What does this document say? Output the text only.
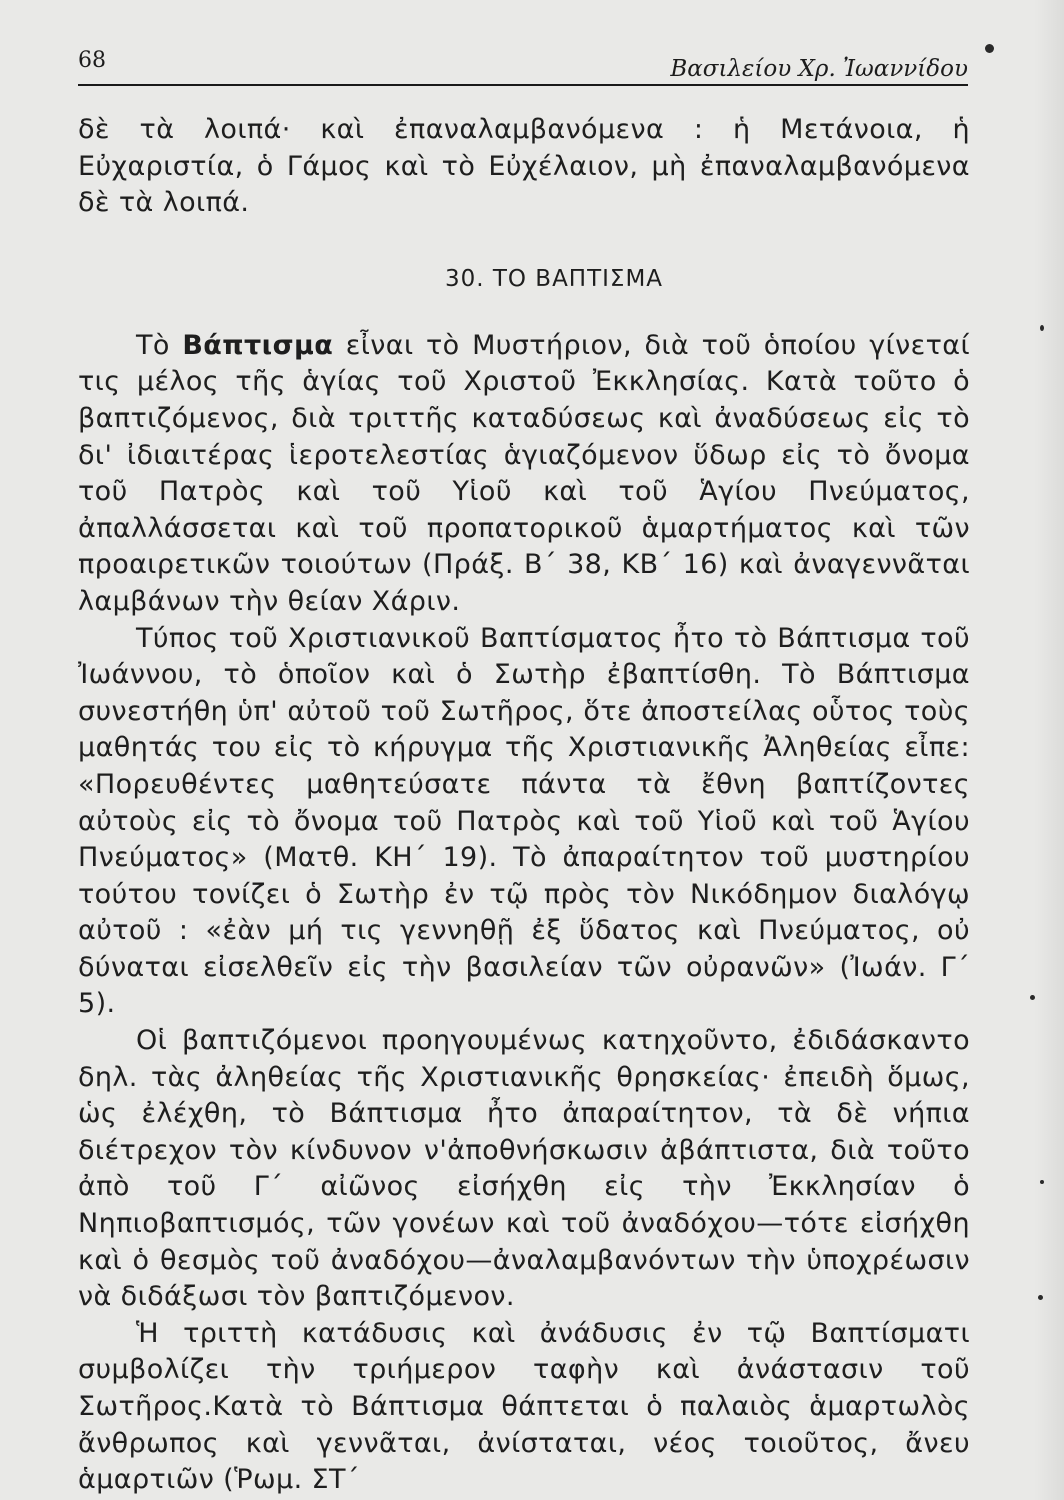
68	Βασιλείου Χρ. Ἰωαννίδου

δὲ τὰ λοιπά· καὶ ἐπαναλαμβανόμενα : ἡ Μετάνοια, ἡ Εὐχαριστία, ὁ Γάμος καὶ τὸ Εὐχέλαιον, μὴ ἐπαναλαμβανόμενα δὲ τὰ λοιπά.

30. ΤΟ ΒΑΠΤΙΣΜΑ

Τὸ Βάπτισμα εἶναι τὸ Μυστήριον, διὰ τοῦ ὁποίου γίνεταί τις μέλος τῆς ἁγίας τοῦ Χριστοῦ Ἐκκλησίας. Κατὰ τοῦτο ὁ βαπτιζόμενος, διὰ τριττῆς καταδύσεως καὶ ἀναδύσεως εἰς τὸ δι' ἰδιαιτέρας ἱεροτελεστίας ἁγιαζόμενον ὕδωρ εἰς τὸ ὄνομα τοῦ Πατρὸς καὶ τοῦ Υἱοῦ καὶ τοῦ Ἁγίου Πνεύματος, ἀπαλλάσσεται καὶ τοῦ προπατορικοῦ ἁμαρτήματος καὶ τῶν προαιρετικῶν τοιούτων (Πράξ. Β΄ 38, ΚΒ΄ 16) καὶ ἀναγεννᾶται λαμβάνων τὴν θείαν Χάριν.

Τύπος τοῦ Χριστιανικοῦ Βαπτίσματος ἦτο τὸ Βάπτισμα τοῦ Ἰωάννου, τὸ ὁποῖον καὶ ὁ Σωτὴρ ἐβαπτίσθη. Τὸ Βάπτισμα συνεστήθη ὑπ' αὐτοῦ τοῦ Σωτῆρος, ὅτε ἀποστείλας οὗτος τοὺς μαθητάς του εἰς τὸ κήρυγμα τῆς Χριστιανικῆς Ἀληθείας εἶπε: «Πορευθέντες μαθητεύσατε πάντα τὰ ἔθνη βαπτίζοντες αὐτοὺς εἰς τὸ ὄνομα τοῦ Πατρὸς καὶ τοῦ Υἱοῦ καὶ τοῦ Ἁγίου Πνεύματος» (Ματθ. ΚΗ΄ 19). Τὸ ἀπαραίτητον τοῦ μυστηρίου τούτου τονίζει ὁ Σωτὴρ ἐν τῷ πρὸς τὸν Νικόδημον διαλόγῳ αὐτοῦ : «ἐὰν μή τις γεννηθῇ ἐξ ὕδατος καὶ Πνεύματος, οὐ δύναται εἰσελθεῖν εἰς τὴν βασιλείαν τῶν οὐρανῶν» (Ἰωάν. Γ΄ 5).

Οἱ βαπτιζόμενοι προηγουμένως κατηχοῦντο, ἐδιδάσκαντο δηλ. τὰς ἀληθείας τῆς Χριστιανικῆς θρησκείας· ἐπειδὴ ὅμως, ὡς ἐλέχθη, τὸ Βάπτισμα ἦτο ἀπαραίτητον, τὰ δὲ νήπια διέτρεχον τὸν κίνδυνον ν'ἀποθνήσκωσιν ἀβάπτιστα, διὰ τοῦτο ἀπὸ τοῦ Γ΄ αἰῶνος εἰσήχθη εἰς τὴν Ἐκκλησίαν ὁ Νηπιοβαπτισμός, τῶν γονέων καὶ τοῦ ἀναδόχου—τότε εἰσήχθη καὶ ὁ θεσμὸς τοῦ ἀναδόχου—ἀναλαμβανόντων τὴν ὑποχρέωσιν νὰ διδάξωσι τὸν βαπτιζόμενον.

Ἡ τριττὴ κατάδυσις καὶ ἀνάδυσις ἐν τῷ Βαπτίσματι συμβολίζει τὴν τριήμερον ταφὴν καὶ ἀνάστασιν τοῦ Σωτῆρος.Κατὰ τὸ Βάπτισμα θάπτεται ὁ παλαιὸς ἁμαρτωλὸς ἄνθρωπος καὶ γεννᾶται, ἀνίσταται, νέος τοιοῦτος, ἄνευ ἁμαρτιῶν (Ῥωμ. ΣΤ΄
